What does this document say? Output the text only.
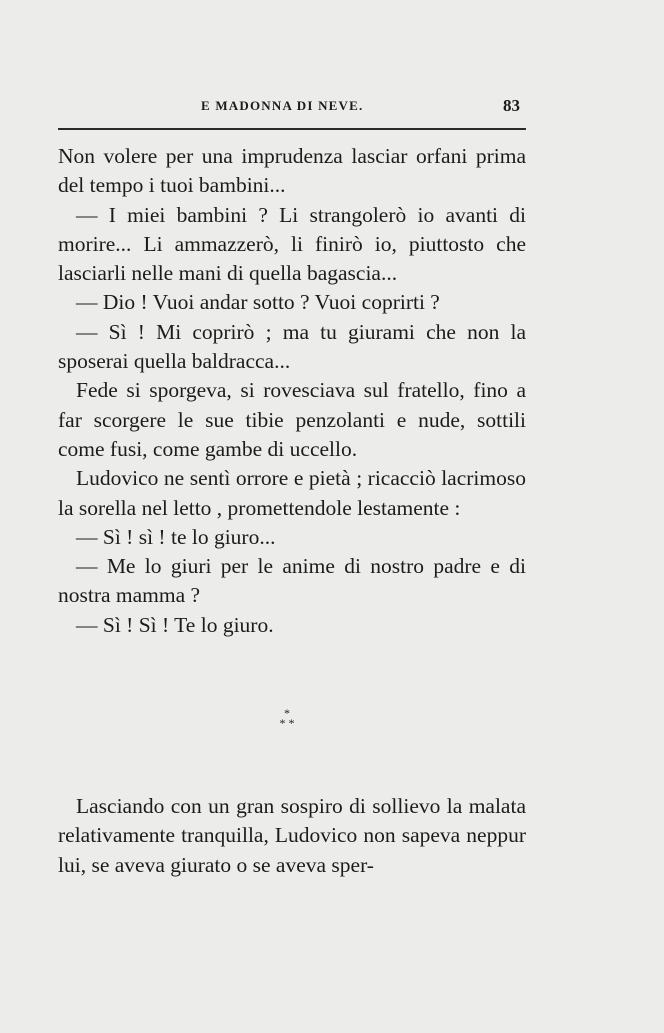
E MADONNA DI NEVE.	83

Non volere per una imprudenza lasciar orfani prima del tempo i tuoi bambini...

— I miei bambini ? Li strangolerò io avanti di morire... Li ammazzerò, li finirò io, piuttosto che lasciarli nelle mani di quella bagascia...

— Dio ! Vuoi andar sotto ? Vuoi coprirti ?

— Sì ! Mi coprirò ; ma tu giurami che non la sposerai quella baldracca...

Fede si sporgeva, si rovesciava sul fratello, fino a far scorgere le sue tibie penzolanti e nude, sottili come fusi, come gambe di uccello.

Ludovico ne sentì orrore e pietà ; ricacciò lacrimoso la sorella nel letto , promettendole lestamente :

— Sì ! sì ! te lo giuro...

— Me lo giuri per le anime di nostro padre e di nostra mamma ?

— Sì ! Sì ! Te lo giuro.

*
* *

Lasciando con un gran sospiro di sollievo la malata relativamente tranquilla, Ludovico non sapeva neppur lui, se aveva giurato o se aveva sper-
